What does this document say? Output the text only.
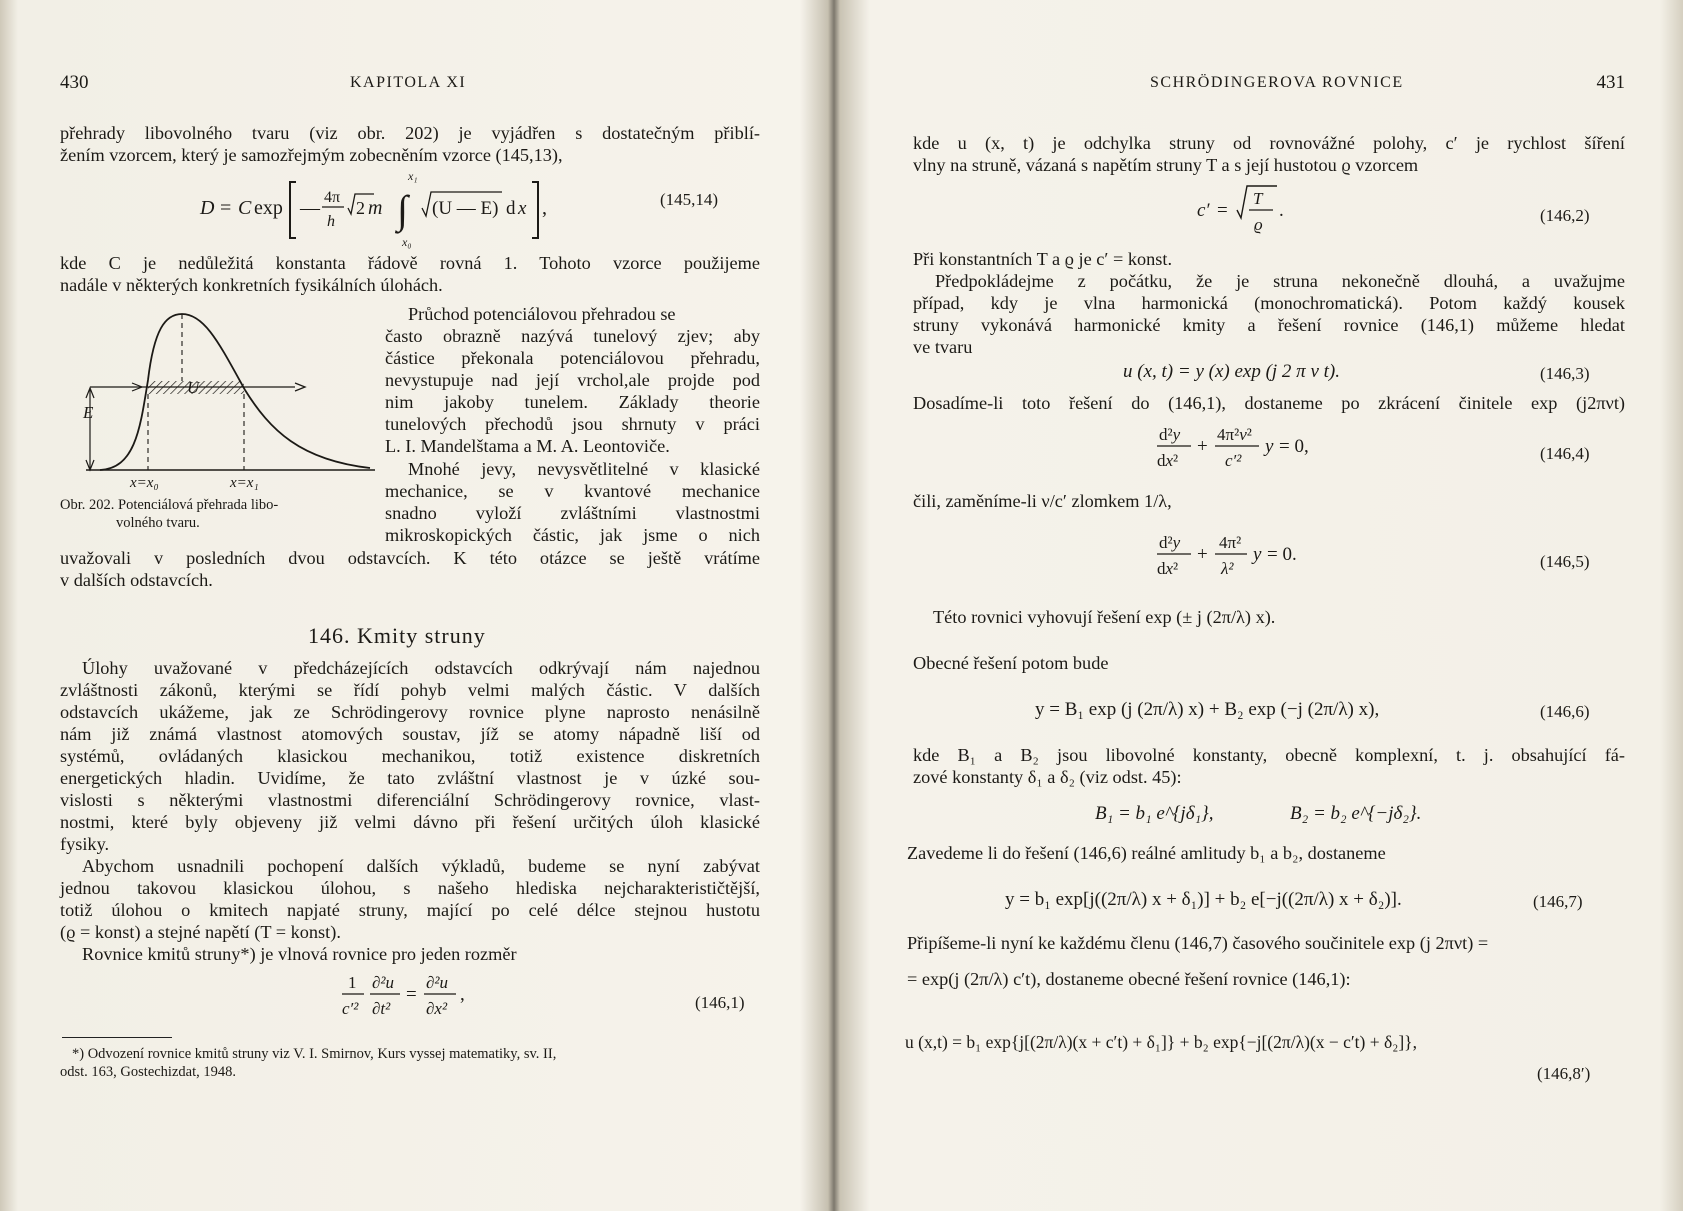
430	KAPITOLA XI
přehrady libovolného tvaru (viz obr. 202) je vyjádřen s dostatečným přiblí-
žením vzorcem, který je samozřejmým zobecněním vzorce (145,13),
D = C exp — 4π
h
2 m ∫
x₁
x₀
(U — E) d x ,	(145,14)
kde C je nedůležitá konstanta řádově rovná 1. Tohoto vzorce použijeme
nadále v některých konkretních fysikálních úlohách.
U
E
x=x₀	x=x₁
Obr. 202. Potenciálová přehrada libo-
volného tvaru.
Průchod potenciálovou přehradou se
často obrazně nazývá tunelový zjev; aby
částice překonala potenciálovou přehradu,
nevystupuje nad její vrchol,ale projde pod
nim jakoby tunelem. Základy theorie
tunelových přechodů jsou shrnuty v práci
L. I. Mandelštama a M. A. Leontoviče.
Mnohé jevy, nevysvětlitelné v klasické
mechanice, se v kvantové mechanice
snadno vyloží zvláštními vlastnostmi
mikroskopických částic, jak jsme o nich
uvažovali v posledních dvou odstavcích. K této otázce se ještě vrátíme
v dalších odstavcích.
146. Kmity struny
Úlohy uvažované v předcházejících odstavcích odkrývají nám najednou
zvláštnosti zákonů, kterými se řídí pohyb velmi malých částic. V dalších
odstavcích ukážeme, jak ze Schrödingerovy rovnice plyne naprosto nenásilně
nám již známá vlastnost atomových soustav, jíž se atomy nápadně liší od
systémů, ovládaných klasickou mechanikou, totiž existence diskretních
energetických hladin. Uvidíme, že tato zvláštní vlastnost je v úzké sou-
vislosti s některými vlastnostmi diferenciální Schrödingerovy rovnice, vlast-
nostmi, které byly objeveny již velmi dávno při řešení určitých úloh klasické
fysiky.
Abychom usnadnili pochopení dalších výkladů, budeme se nyní zabývat
jednou takovou klasickou úlohou, s našeho hlediska nejcharakterističtější,
totiž úlohou o kmitech napjaté struny, mající po celé délce stejnou hustotu
(ϱ = konst) a stejné napětí (T = konst).
Rovnice kmitů struny*) je vlnová rovnice pro jeden rozměr
1
c′²
∂²u
∂t²
=
∂²u
∂x²
,	(146,1)
*) Odvození rovnice kmitů struny viz V. I. Smirnov, Kurs vyssej matematiky, sv. II,
odst. 163, Gostechizdat, 1948.
SCHRÖDINGEROVA ROVNICE	431
kde u (x, t) je odchylka struny od rovnovážné polohy, c′ je rychlost šíření
vlny na struně, vázaná s napětím struny T a s její hustotou ϱ vzorcem
c′ =
T
ϱ
.	(146,2)
Při konstantních T a ϱ je c′ = konst.
Předpokládejme z počátku, že je struna nekonečně dlouhá, a uvažujme
případ, kdy je vlna harmonická (monochromatická). Potom každý kousek
struny vykonává harmonické kmity a řešení rovnice (146,1) můžeme hledat
ve tvaru
u (x, t) = y (x) exp (j 2 π ν t).	(146,3)
Dosadíme-li toto řešení do (146,1), dostaneme po zkrácení činitele exp (j2πνt)
d²y
dx²
+
4π²ν²
c′²
y = 0,	(146,4)
čili, zaměníme-li ν/c′ zlomkem 1/λ,
d²y
dx²
+
4π²
λ²
y = 0.	(146,5)
Této rovnici vyhovují řešení exp (± j (2π/λ) x).
Obecné řešení potom bude
y = B₁ exp (j (2π/λ) x) + B₂ exp (−j (2π/λ) x),	(146,6)
kde B₁ a B₂ jsou libovolné konstanty, obecně komplexní, t. j. obsahující fá-
zové konstanty δ₁ a δ₂ (viz odst. 45):
B₁ = b₁ e^{jδ₁},	B₂ = b₂ e^{−jδ₂}.
Zavedeme li do řešení (146,6) reálné amlitudy b₁ a b₂, dostaneme
y = b₁ exp[j((2π/λ) x + δ₁)] + b₂ e[−j((2π/λ) x + δ₂)].	(146,7)
Připíšeme-li nyní ke každému členu (146,7) časového součinitele exp (j 2πνt) =
= exp(j (2π/λ) c′t), dostaneme obecné řešení rovnice (146,1):
u (x,t) = b₁ exp{j[(2π/λ)(x + c′t) + δ₁]} + b₂ exp{−j[(2π/λ)(x − c′t) + δ₂]},
(146,8′)
